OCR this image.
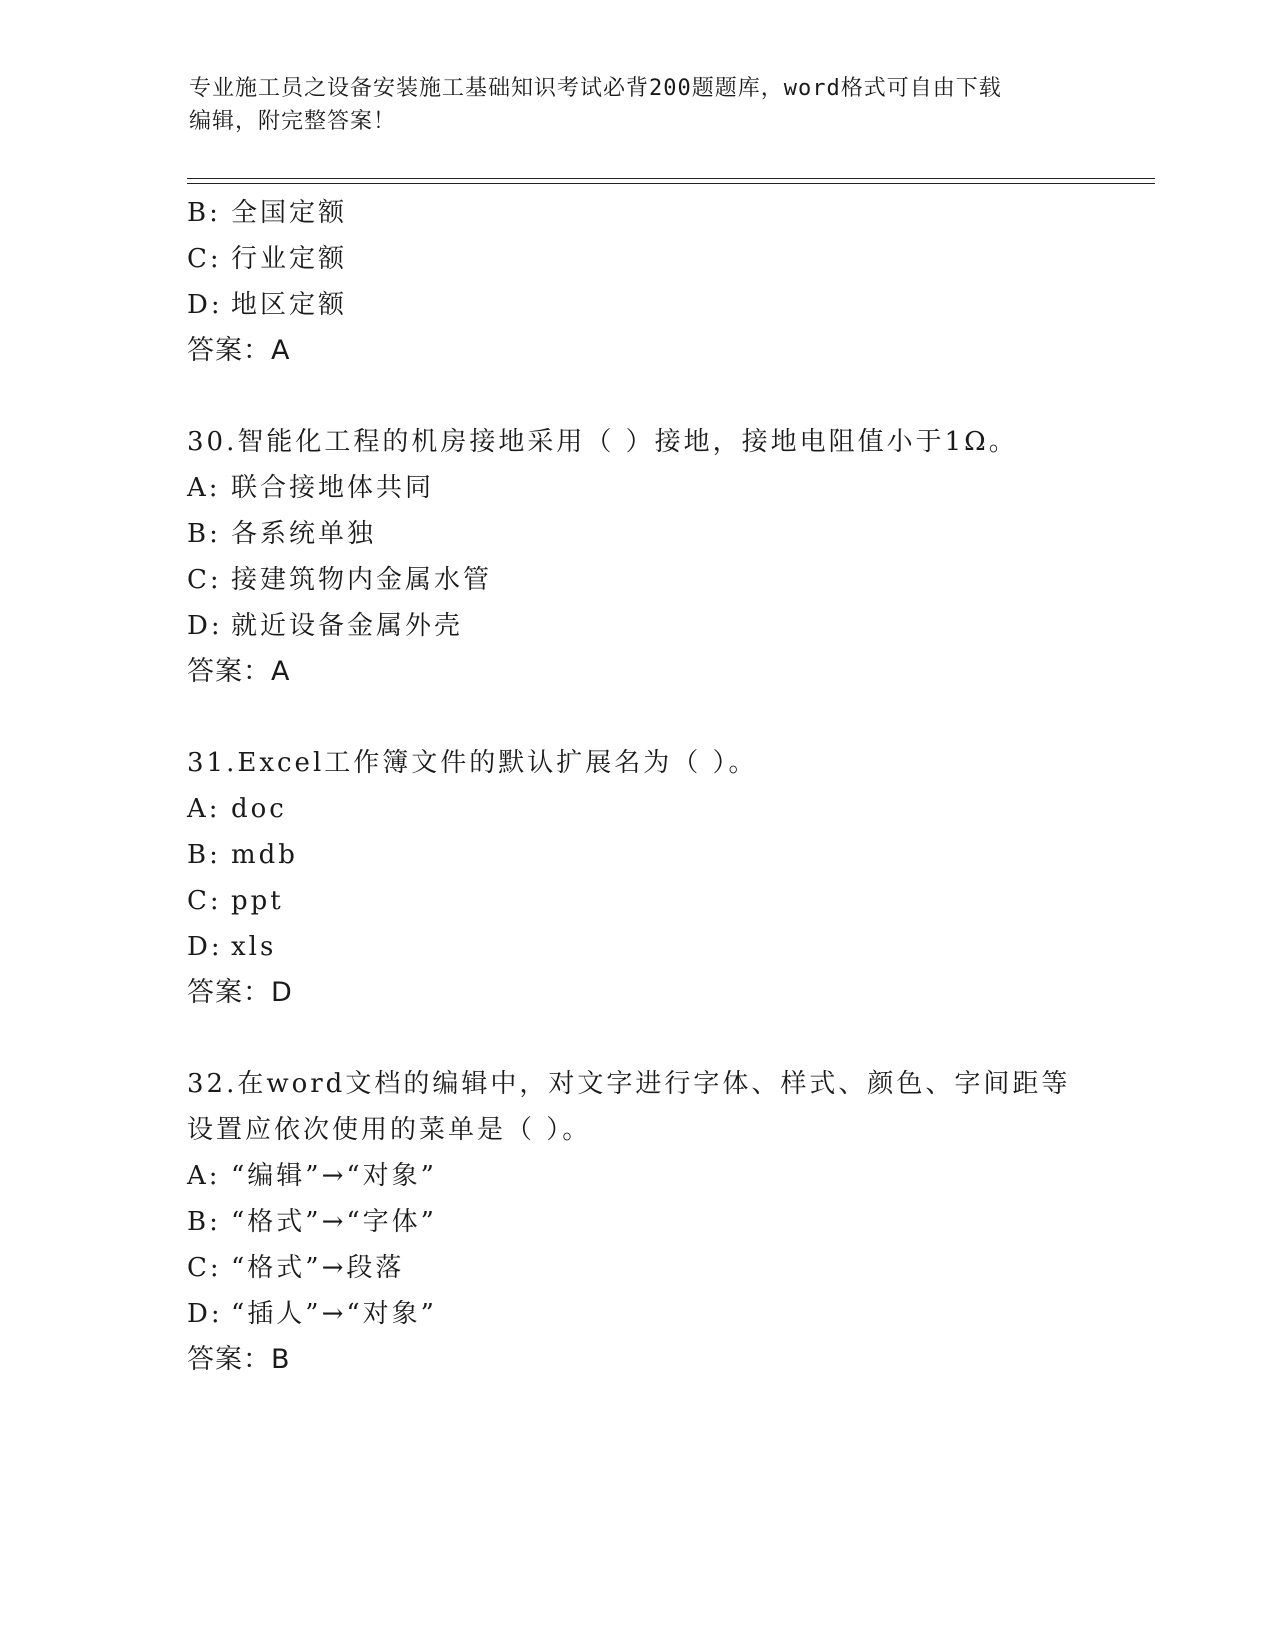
专业施工员之设备安装施工基础知识考试必背200题题库，word格式可自由下载
编辑，附完整答案！
B: 全国定额
C: 行业定额
D: 地区定额
答案：A
30.智能化工程的机房接地采用（ ）接地，接地电阻值小于1Ω。
A: 联合接地体共同
B: 各系统单独
C: 接建筑物内金属水管
D: 就近设备金属外壳
答案：A
31.Excel工作簿文件的默认扩展名为（ ）。
A: doc
B: mdb
C: ppt
D: xls
答案：D
32.在word文档的编辑中，对文字进行字体、样式、颜色、字间距等
设置应依次使用的菜单是（ ）。
A: “编辑”→“对象”
B: “格式”→“字体”
C: “格式”→段落
D: “插人”→“对象”
答案：B
